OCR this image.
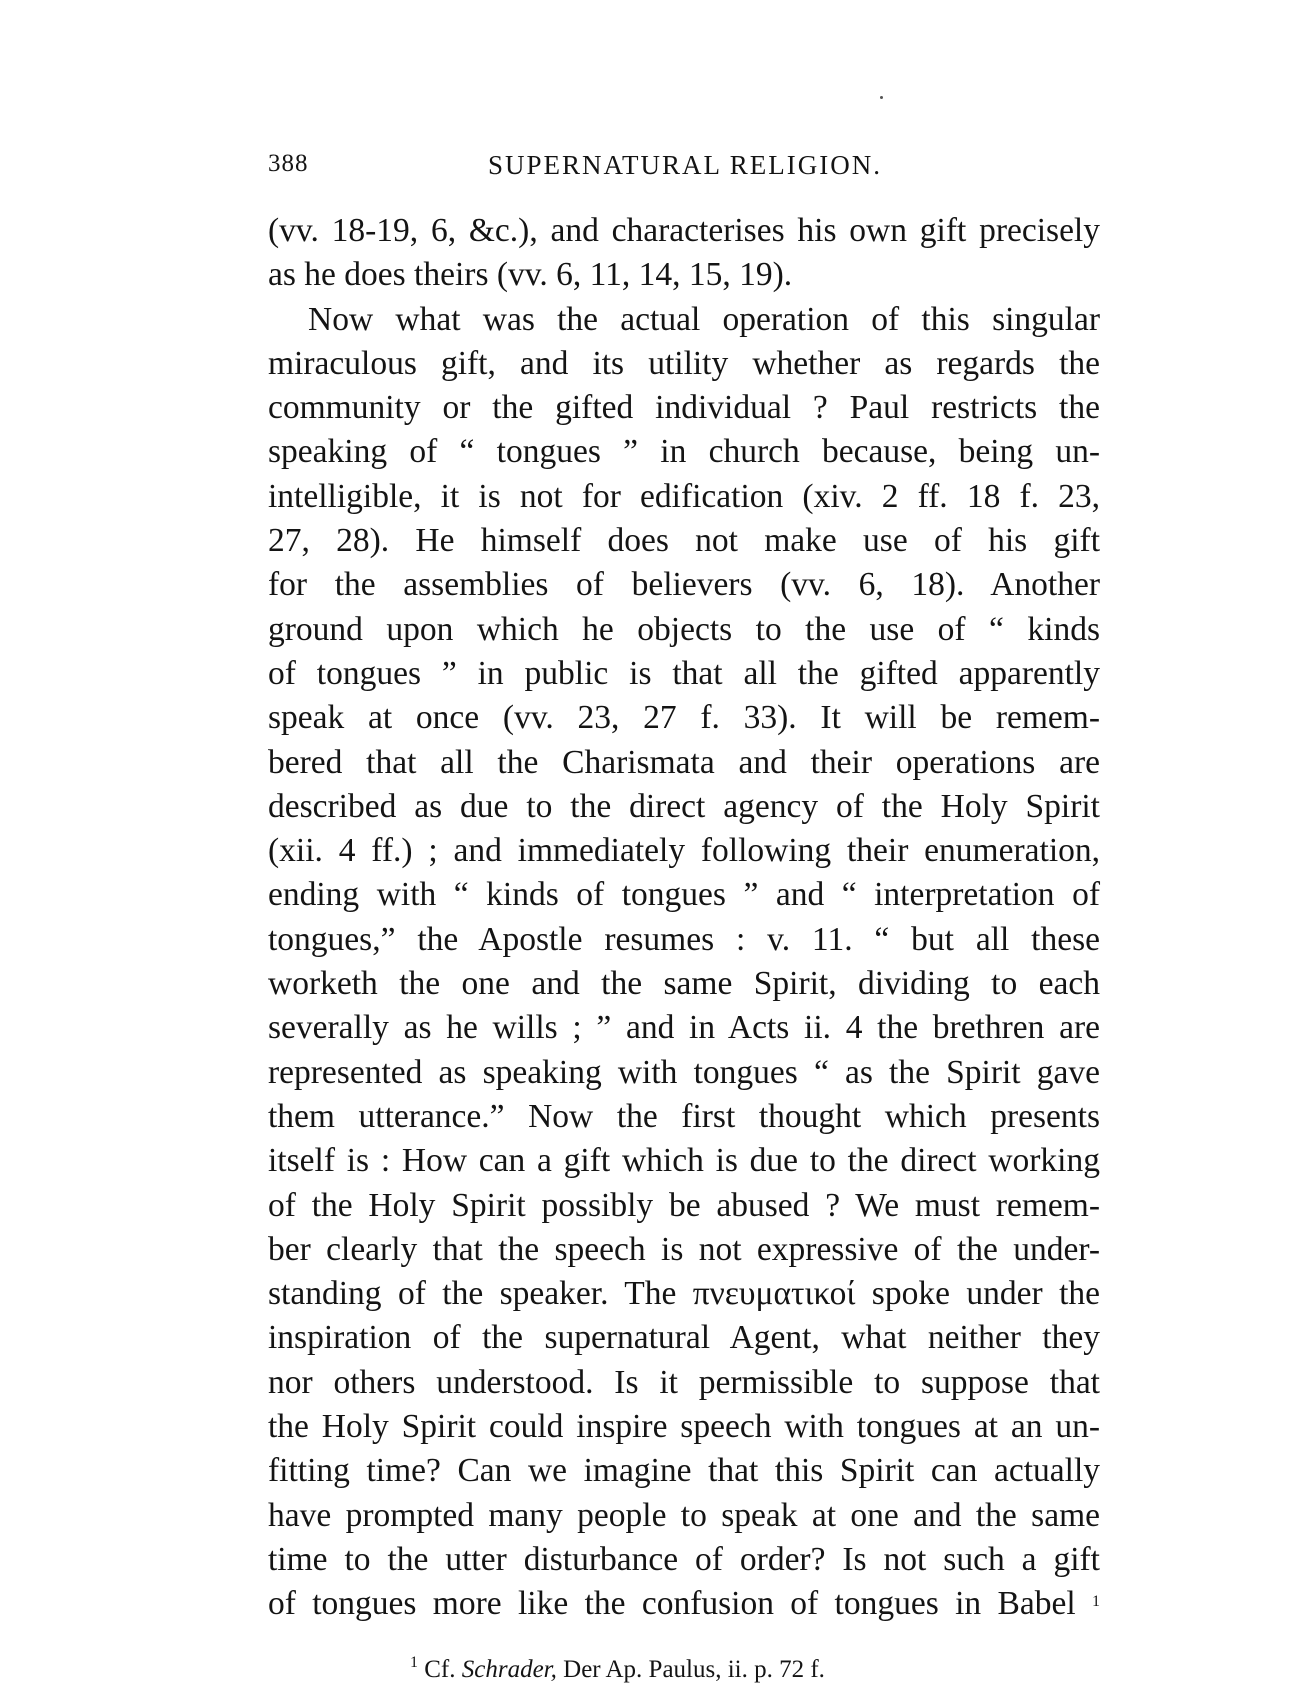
388	SUPERNATURAL RELIGION.
(vv. 18-19, 6, &c.), and characterises his own gift precisely
as he does theirs (vv. 6, 11, 14, 15, 19).
Now what was the actual operation of this singular
miraculous gift, and its utility whether as regards the
community or the gifted individual ? Paul restricts the
speaking of “ tongues ” in church because, being un-
intelligible, it is not for edification (xiv. 2 ff. 18 f. 23,
27, 28). He himself does not make use of his gift
for the assemblies of believers (vv. 6, 18). Another
ground upon which he objects to the use of “ kinds
of tongues ” in public is that all the gifted apparently
speak at once (vv. 23, 27 f. 33). It will be remem-
bered that all the Charismata and their operations are
described as due to the direct agency of the Holy Spirit
(xii. 4 ff.) ; and immediately following their enumeration,
ending with “ kinds of tongues ” and “ interpretation of
tongues,” the Apostle resumes : v. 11. “ but all these
worketh the one and the same Spirit, dividing to each
severally as he wills ; ” and in Acts ii. 4 the brethren are
represented as speaking with tongues “ as the Spirit gave
them utterance.” Now the first thought which presents
itself is : How can a gift which is due to the direct working
of the Holy Spirit possibly be abused ? We must remem-
ber clearly that the speech is not expressive of the under-
standing of the speaker. The πνευματικοί spoke under the
inspiration of the supernatural Agent, what neither they
nor others understood. Is it permissible to suppose that
the Holy Spirit could inspire speech with tongues at an un-
fitting time? Can we imagine that this Spirit can actually
have prompted many people to speak at one and the same
time to the utter disturbance of order? Is not such a gift
of tongues more like the confusion of tongues in Babel $^1$
$^1$ Cf. Schrader, Der Ap. Paulus, ii. p. 72 f.
